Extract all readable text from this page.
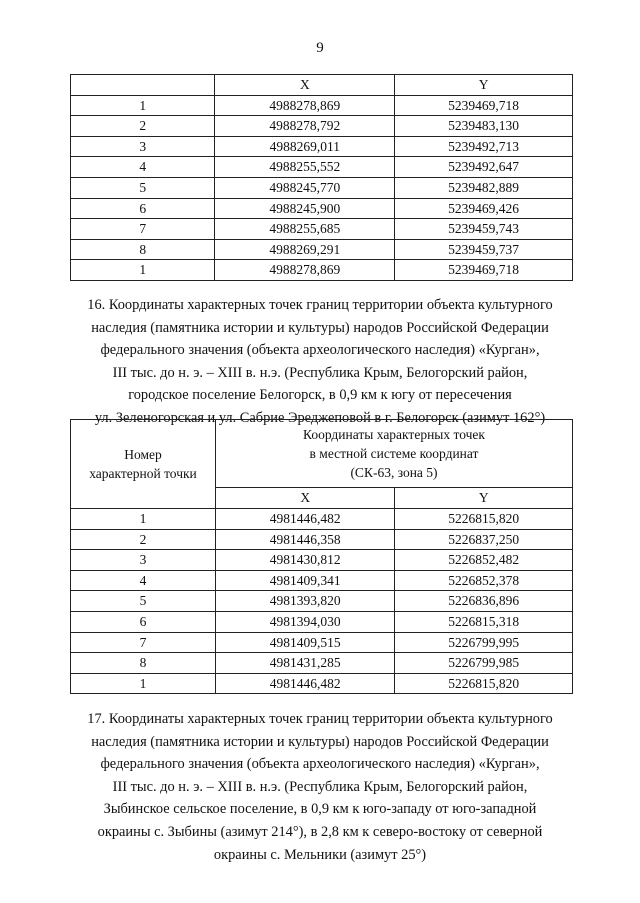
9
	X	Y
1	4988278,869	5239469,718
2	4988278,792	5239483,130
3	4988269,011	5239492,713
4	4988255,552	5239492,647
5	4988245,770	5239482,889
6	4988245,900	5239469,426
7	4988255,685	5239459,743
8	4988269,291	5239459,737
1	4988278,869	5239469,718
16. Координаты характерных точек границ территории объекта культурного
наследия (памятника истории и культуры) народов Российской Федерации
федерального значения (объекта археологического наследия) «Курган»,
III тыс. до н. э. – XIII в. н.э. (Республика Крым, Белогорский район,
городское поселение Белогорск, в 0,9 км к югу от пересечения
ул. Зеленогорская и ул. Сабрие Эреджеповой в г. Белогорск (азимут 162°)
Номер
характерной точки	Координаты характерных точек
в местной системе координат
(СК-63, зона 5)	
	X	Y
1	4981446,482	5226815,820
2	4981446,358	5226837,250
3	4981430,812	5226852,482
4	4981409,341	5226852,378
5	4981393,820	5226836,896
6	4981394,030	5226815,318
7	4981409,515	5226799,995
8	4981431,285	5226799,985
1	4981446,482	5226815,820
17. Координаты характерных точек границ территории объекта культурного
наследия (памятника истории и культуры) народов Российской Федерации
федерального значения (объекта археологического наследия) «Курган»,
III тыс. до н. э. – XIII в. н.э. (Республика Крым, Белогорский район,
Зыбинское сельское поселение, в 0,9 км к юго-западу от юго-западной
окраины с. Зыбины (азимут 214°), в 2,8 км к северо-востоку от северной
окраины с. Мельники (азимут 25°)
